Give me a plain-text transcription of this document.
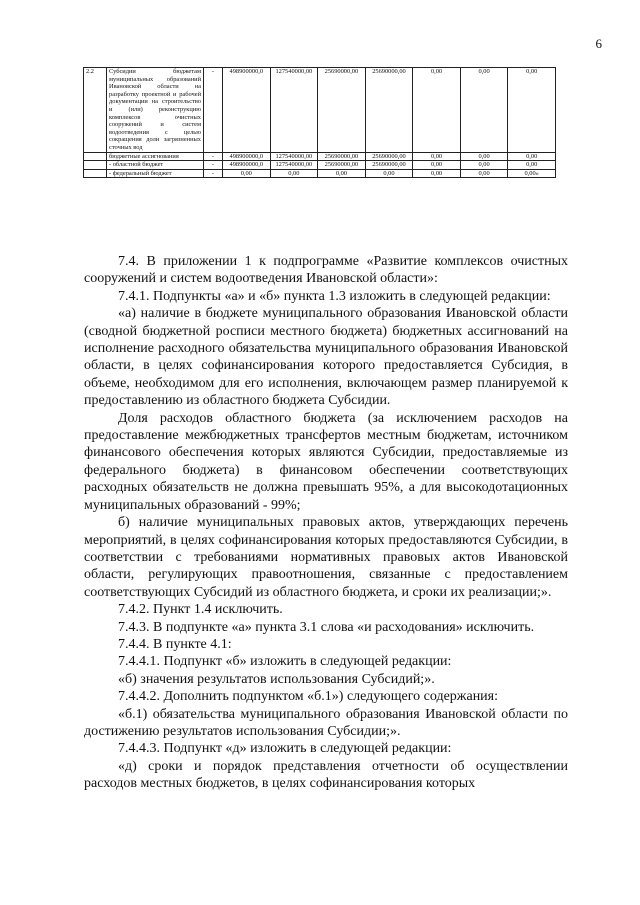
6
2.2	Субсидии бюджетам муниципальных образований Ивановской области на разработку проектной и рабочей документации на строительство и (или) реконструкцию комплексов очистных сооружений и систем водоотведения с целью сокращения доли загрязненных сточных вод	-	498900000,0	127540000,00	25690000,00	25690000,00	0,00	0,00	0,00
	бюджетные ассигнования	-	498900000,0	127540000,00	25690000,00	25690000,00	0,00	0,00	0,00
	- областной бюджет	-	498900000,0	127540000,00	25690000,00	25690000,00	0,00	0,00	0,00
	- федеральный бюджет	-	0,00	0,00	0,00	0,00	0,00	0,00	0,00»

7.4. В приложении 1 к подпрограмме «Развитие комплексов очистных сооружений и систем водоотведения Ивановской области»:

7.4.1. Подпункты «а» и «б» пункта 1.3 изложить в следующей редакции:

«а) наличие в бюджете муниципального образования Ивановской области (сводной бюджетной росписи местного бюджета) бюджетных ассигнований на исполнение расходного обязательства муниципального образования Ивановской области, в целях софинансирования которого предоставляется Субсидия, в объеме, необходимом для его исполнения, включающем размер планируемой к предоставлению из областного бюджета Субсидии.

Доля расходов областного бюджета (за исключением расходов на предоставление межбюджетных трансфертов местным бюджетам, источником финансового обеспечения которых являются Субсидии, предоставляемые из федерального бюджета) в финансовом обеспечении соответствующих расходных обязательств не должна превышать 95%, а для высокодотационных муниципальных образований - 99%;

б) наличие муниципальных правовых актов, утверждающих перечень мероприятий, в целях софинансирования которых предоставляются Субсидии, в соответствии с требованиями нормативных правовых актов Ивановской области, регулирующих правоотношения, связанные с предоставлением соответствующих Субсидий из областного бюджета, и сроки их реализации;».

7.4.2. Пункт 1.4 исключить.

7.4.3. В подпункте «а» пункта 3.1 слова «и расходования» исключить.

7.4.4. В пункте 4.1:

7.4.4.1. Подпункт «б» изложить в следующей редакции:

«б) значения результатов использования Субсидий;».

7.4.4.2. Дополнить подпунктом «б.1») следующего содержания:

«б.1) обязательства муниципального образования Ивановской области по достижению результатов использования Субсидии;».

7.4.4.3. Подпункт «д» изложить в следующей редакции:

«д) сроки и порядок представления отчетности об осуществлении расходов местных бюджетов, в целях софинансирования которых
